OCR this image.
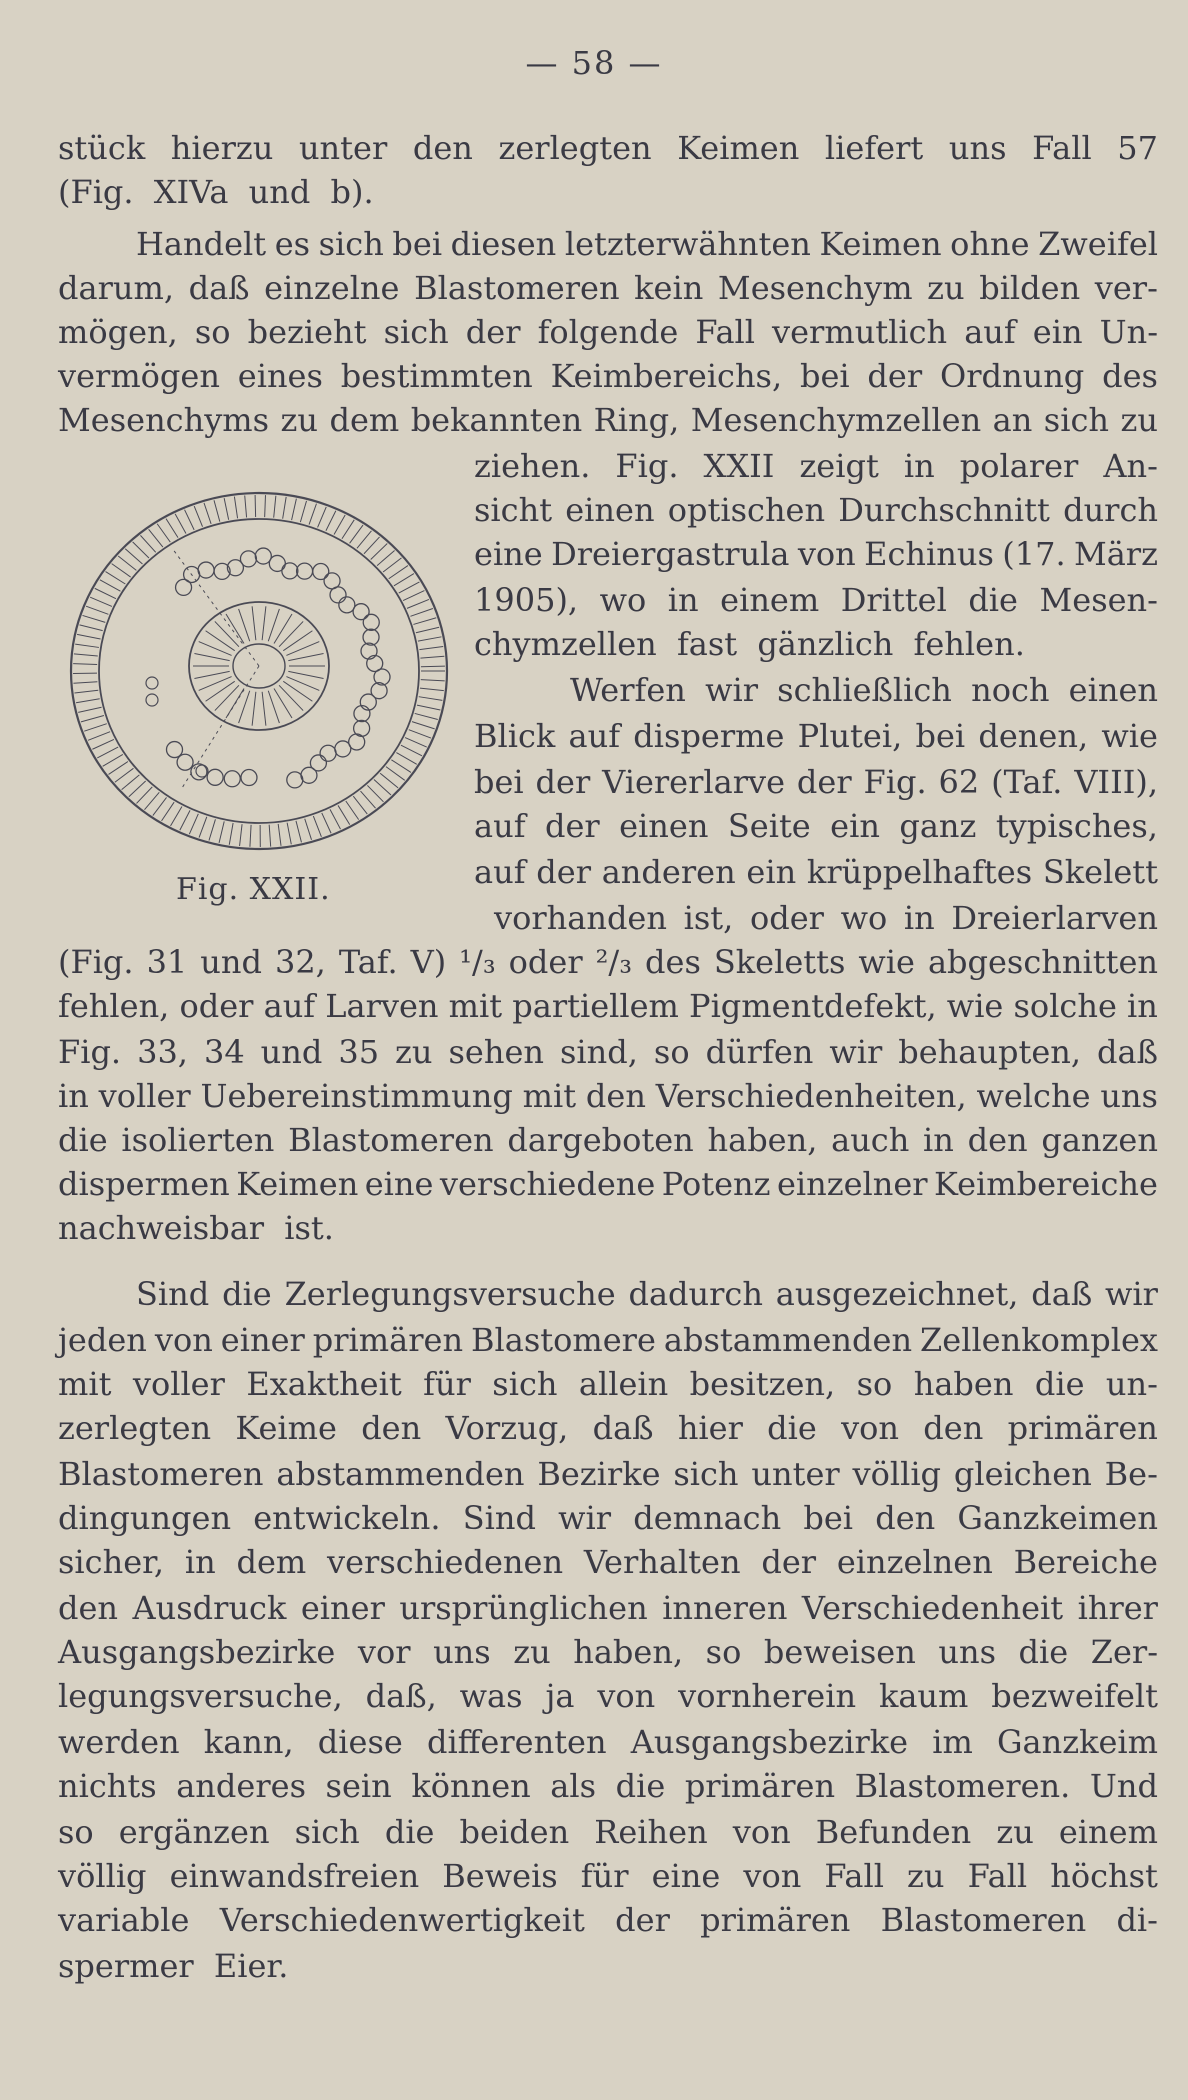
— 58 —
stück hierzu unter den zerlegten Keimen liefert uns Fall 57
(Fig. XIVa und b).
Handelt es sich bei diesen letzterwähnten Keimen ohne Zweifel
darum, daß einzelne Blastomeren kein Mesenchym zu bilden ver-
mögen, so bezieht sich der folgende Fall vermutlich auf ein Un-
vermögen eines bestimmten Keimbereichs, bei der Ordnung des
Mesenchyms zu dem bekannten Ring, Mesenchymzellen an sich zu
ziehen. Fig. XXII zeigt in polarer An-
sicht einen optischen Durchschnitt durch
eine Dreiergastrula von Echinus (17. März
1905), wo in einem Drittel die Mesen-
chymzellen fast gänzlich fehlen.
Werfen wir schließlich noch einen
Blick auf disperme Plutei, bei denen, wie
bei der Viererlarve der Fig. 62 (Taf. VIII),
auf der einen Seite ein ganz typisches,
auf der anderen ein krüppelhaftes Skelett
vorhanden ist, oder wo in Dreierlarven
(Fig. 31 und 32, Taf. V) ¹/₃ oder ²/₃ des Skeletts wie abgeschnitten
fehlen, oder auf Larven mit partiellem Pigmentdefekt, wie solche in
Fig. 33, 34 und 35 zu sehen sind, so dürfen wir behaupten, daß
in voller Uebereinstimmung mit den Verschiedenheiten, welche uns
die isolierten Blastomeren dargeboten haben, auch in den ganzen
dispermen Keimen eine verschiedene Potenz einzelner Keimbereiche
nachweisbar ist.
Sind die Zerlegungsversuche dadurch ausgezeichnet, daß wir
jeden von einer primären Blastomere abstammenden Zellenkomplex
mit voller Exaktheit für sich allein besitzen, so haben die un-
zerlegten Keime den Vorzug, daß hier die von den primären
Blastomeren abstammenden Bezirke sich unter völlig gleichen Be-
dingungen entwickeln. Sind wir demnach bei den Ganzkeimen
sicher, in dem verschiedenen Verhalten der einzelnen Bereiche
den Ausdruck einer ursprünglichen inneren Verschiedenheit ihrer
Ausgangsbezirke vor uns zu haben, so beweisen uns die Zer-
legungsversuche, daß, was ja von vornherein kaum bezweifelt
werden kann, diese differenten Ausgangsbezirke im Ganzkeim
nichts anderes sein können als die primären Blastomeren. Und
so ergänzen sich die beiden Reihen von Befunden zu einem
völlig einwandsfreien Beweis für eine von Fall zu Fall höchst
variable Verschiedenwertigkeit der primären Blastomeren di-
spermer Eier.
Fig. XXII.
